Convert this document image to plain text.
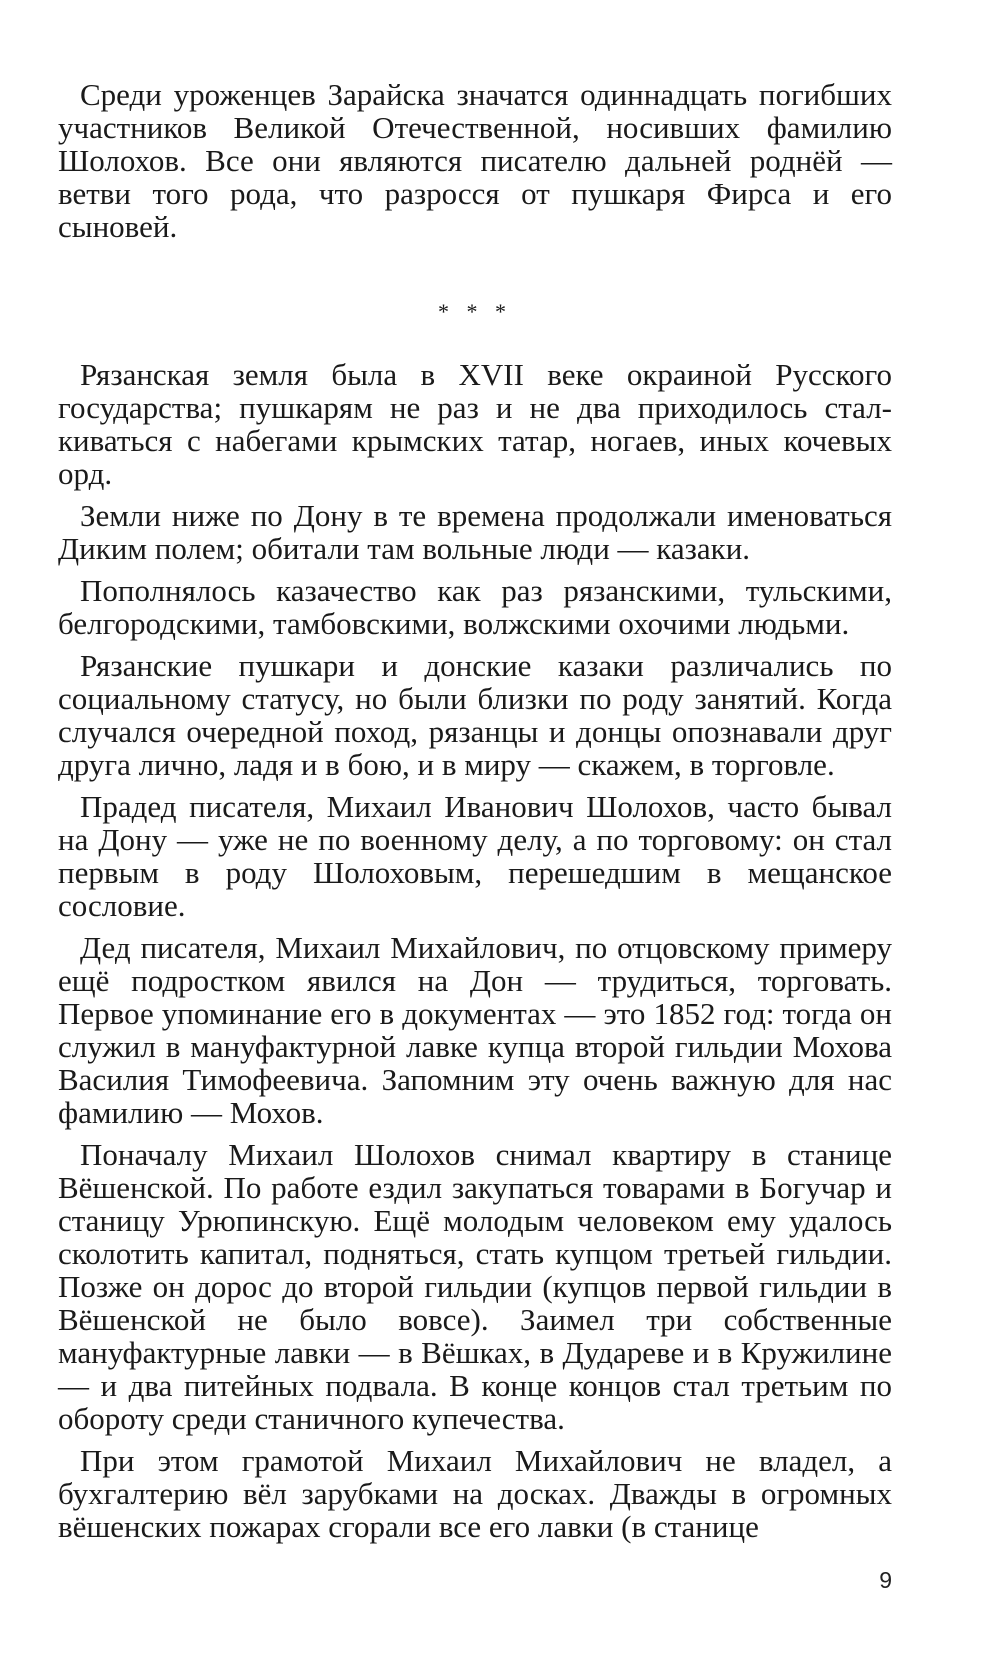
Среди уроженцев Зарайска значатся одиннадцать погибших участников Великой Отечественной, носивших фамилию Шолохов. Все они являются писателю дальней роднёй — ветви того рода, что разросся от пушкаря Фирса и его сыновей.

* * *

Рязанская земля была в XVII веке окраиной Русского государства; пушкарям не раз и не два приходилось сталкиваться с набегами крымских татар, ногаев, иных кочевых орд.

Земли ниже по Дону в те времена продолжали именоваться Диким полем; обитали там вольные люди — казаки.

Пополнялось казачество как раз рязанскими, тульскими, белгородскими, тамбовскими, волжскими охочими людьми.

Рязанские пушкари и донские казаки различались по социальному статусу, но были близки по роду занятий. Когда случался очередной поход, рязанцы и донцы опознавали друг друга лично, ладя и в бою, и в миру — скажем, в торговле.

Прадед писателя, Михаил Иванович Шолохов, часто бывал на Дону — уже не по военному делу, а по торговому: он стал первым в роду Шолоховым, перешедшим в мещанское сословие.

Дед писателя, Михаил Михайлович, по отцовскому примеру ещё подростком явился на Дон — трудиться, торговать. Первое упоминание его в документах — это 1852 год: тогда он служил в мануфактурной лавке купца второй гильдии Мохова Василия Тимофеевича. Запомним эту очень важную для нас фамилию — Мохов.

Поначалу Михаил Шолохов снимал квартиру в станице Вёшенской. По работе ездил закупаться товарами в Богучар и станицу Урюпинскую. Ещё молодым человеком ему удалось сколотить капитал, подняться, стать купцом третьей гильдии. Позже он дорос до второй гильдии (купцов первой гильдии в Вёшенской не было вовсе). Заимел три собственные мануфактурные лавки — в Вёшках, в Дудареве и в Кружилине — и два питейных подвала. В конце концов стал третьим по обороту среди станичного купечества.

При этом грамотой Михаил Михайлович не владел, а бухгалтерию вёл зарубками на досках. Дважды в огромных вёшенских пожарах сгорали все его лавки (в станице

9
